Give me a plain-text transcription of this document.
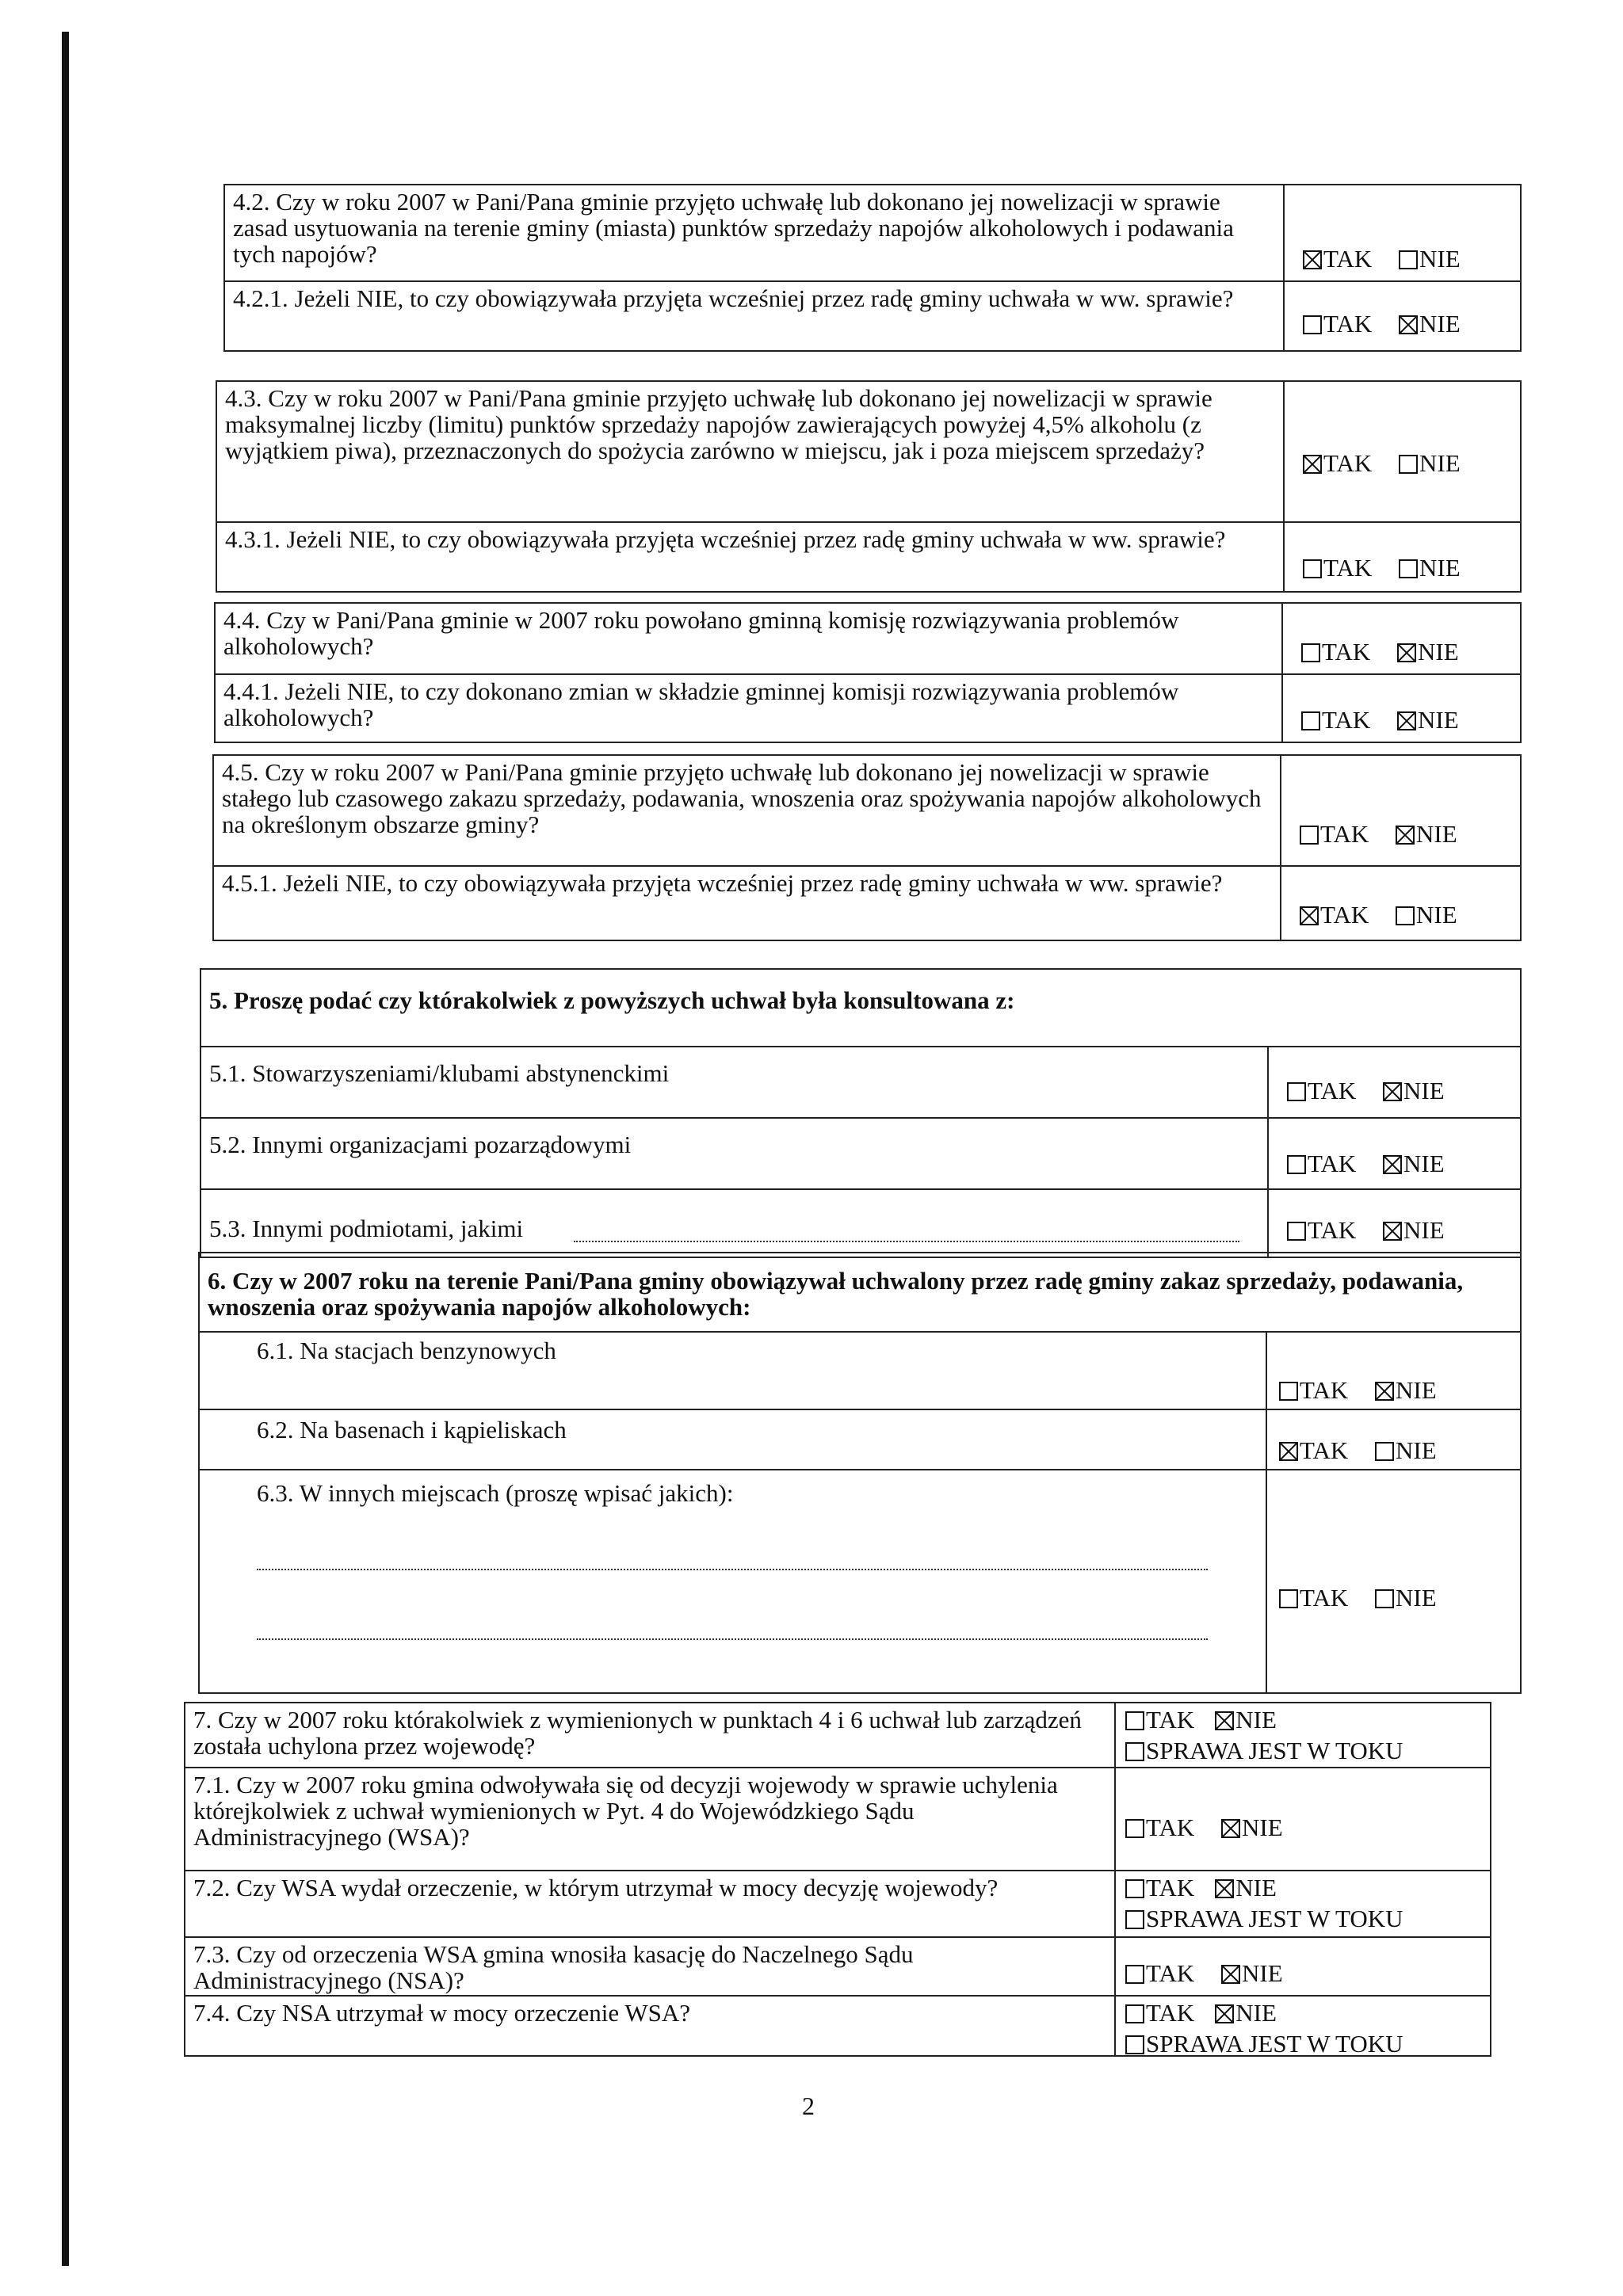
4.2. Czy w roku 2007 w Pani/Pana gminie przyjęto uchwałę lub dokonano jej nowelizacji w sprawie zasad usytuowania na terenie gminy (miasta) punktów sprzedaży napojów alkoholowych i podawania tych napojów?	TAK NIE
4.2.1. Jeżeli NIE, to czy obowiązywała przyjęta wcześniej przez radę gminy uchwała w ww. sprawie?
TAK NIE
4.3. Czy w roku 2007 w Pani/Pana gminie przyjęto uchwałę lub dokonano jej nowelizacji w sprawie maksymalnej liczby (limitu) punktów sprzedaży napojów zawierających powyżej 4,5% alkoholu (z wyjątkiem piwa), przeznaczonych do spożycia zarówno w miejscu, jak i poza miejscem sprzedaży?	TAK NIE
4.3.1. Jeżeli NIE, to czy obowiązywała przyjęta wcześniej przez radę gminy uchwała w ww. sprawie?
TAK NIE
4.4. Czy w Pani/Pana gminie w 2007 roku powołano gminną komisję rozwiązywania problemów alkoholowych?	TAK NIE
4.4.1. Jeżeli NIE, to czy dokonano zmian w składzie gminnej komisji rozwiązywania problemów alkoholowych?	TAK NIE
4.5. Czy w roku 2007 w Pani/Pana gminie przyjęto uchwałę lub dokonano jej nowelizacji w sprawie stałego lub czasowego zakazu sprzedaży, podawania, wnoszenia oraz spożywania napojów alkoholowych na określonym obszarze gminy?	TAK NIE
4.5.1. Jeżeli NIE, to czy obowiązywała przyjęta wcześniej przez radę gminy uchwała w ww. sprawie?
TAK NIE
5. Proszę podać czy którakolwiek z powyższych uchwał była konsultowana z:
5.1. Stowarzyszeniami/klubami abstynenckimi
TAK NIE
5.2. Innymi organizacjami pozarządowymi
TAK NIE
5.3. Innymi podmiotami, jakimi	TAK NIE
6. Czy w 2007 roku na terenie Pani/Pana gminy obowiązywał uchwalony przez radę gminy zakaz sprzedaży, podawania, wnoszenia oraz spożywania napojów alkoholowych:
6.1. Na stacjach benzynowych
TAK NIE
6.2. Na basenach i kąpieliskach
TAK NIE
6.3. W innych miejscach (proszę wpisać jakich):
TAK NIE
7. Czy w 2007 roku którakolwiek z wymienionych w punktach 4 i 6 uchwał lub zarządzeń została uchylona przez wojewodę?
TAK NIE
SPRAWA JEST W TOKU
7.1. Czy w 2007 roku gmina odwoływała się od decyzji wojewody w sprawie uchylenia którejkolwiek z uchwał wymienionych w Pyt. 4 do Wojewódzkiego Sądu Administracyjnego (WSA)?	TAK NIE
7.2. Czy WSA wydał orzeczenie, w którym utrzymał w mocy decyzję wojewody?	TAK NIE
SPRAWA JEST W TOKU
7.3. Czy od orzeczenia WSA gmina wnosiła kasację do Naczelnego Sądu Administracyjnego (NSA)?	TAK NIE
7.4. Czy NSA utrzymał w mocy orzeczenie WSA?	TAK NIE
SPRAWA JEST W TOKU
2
